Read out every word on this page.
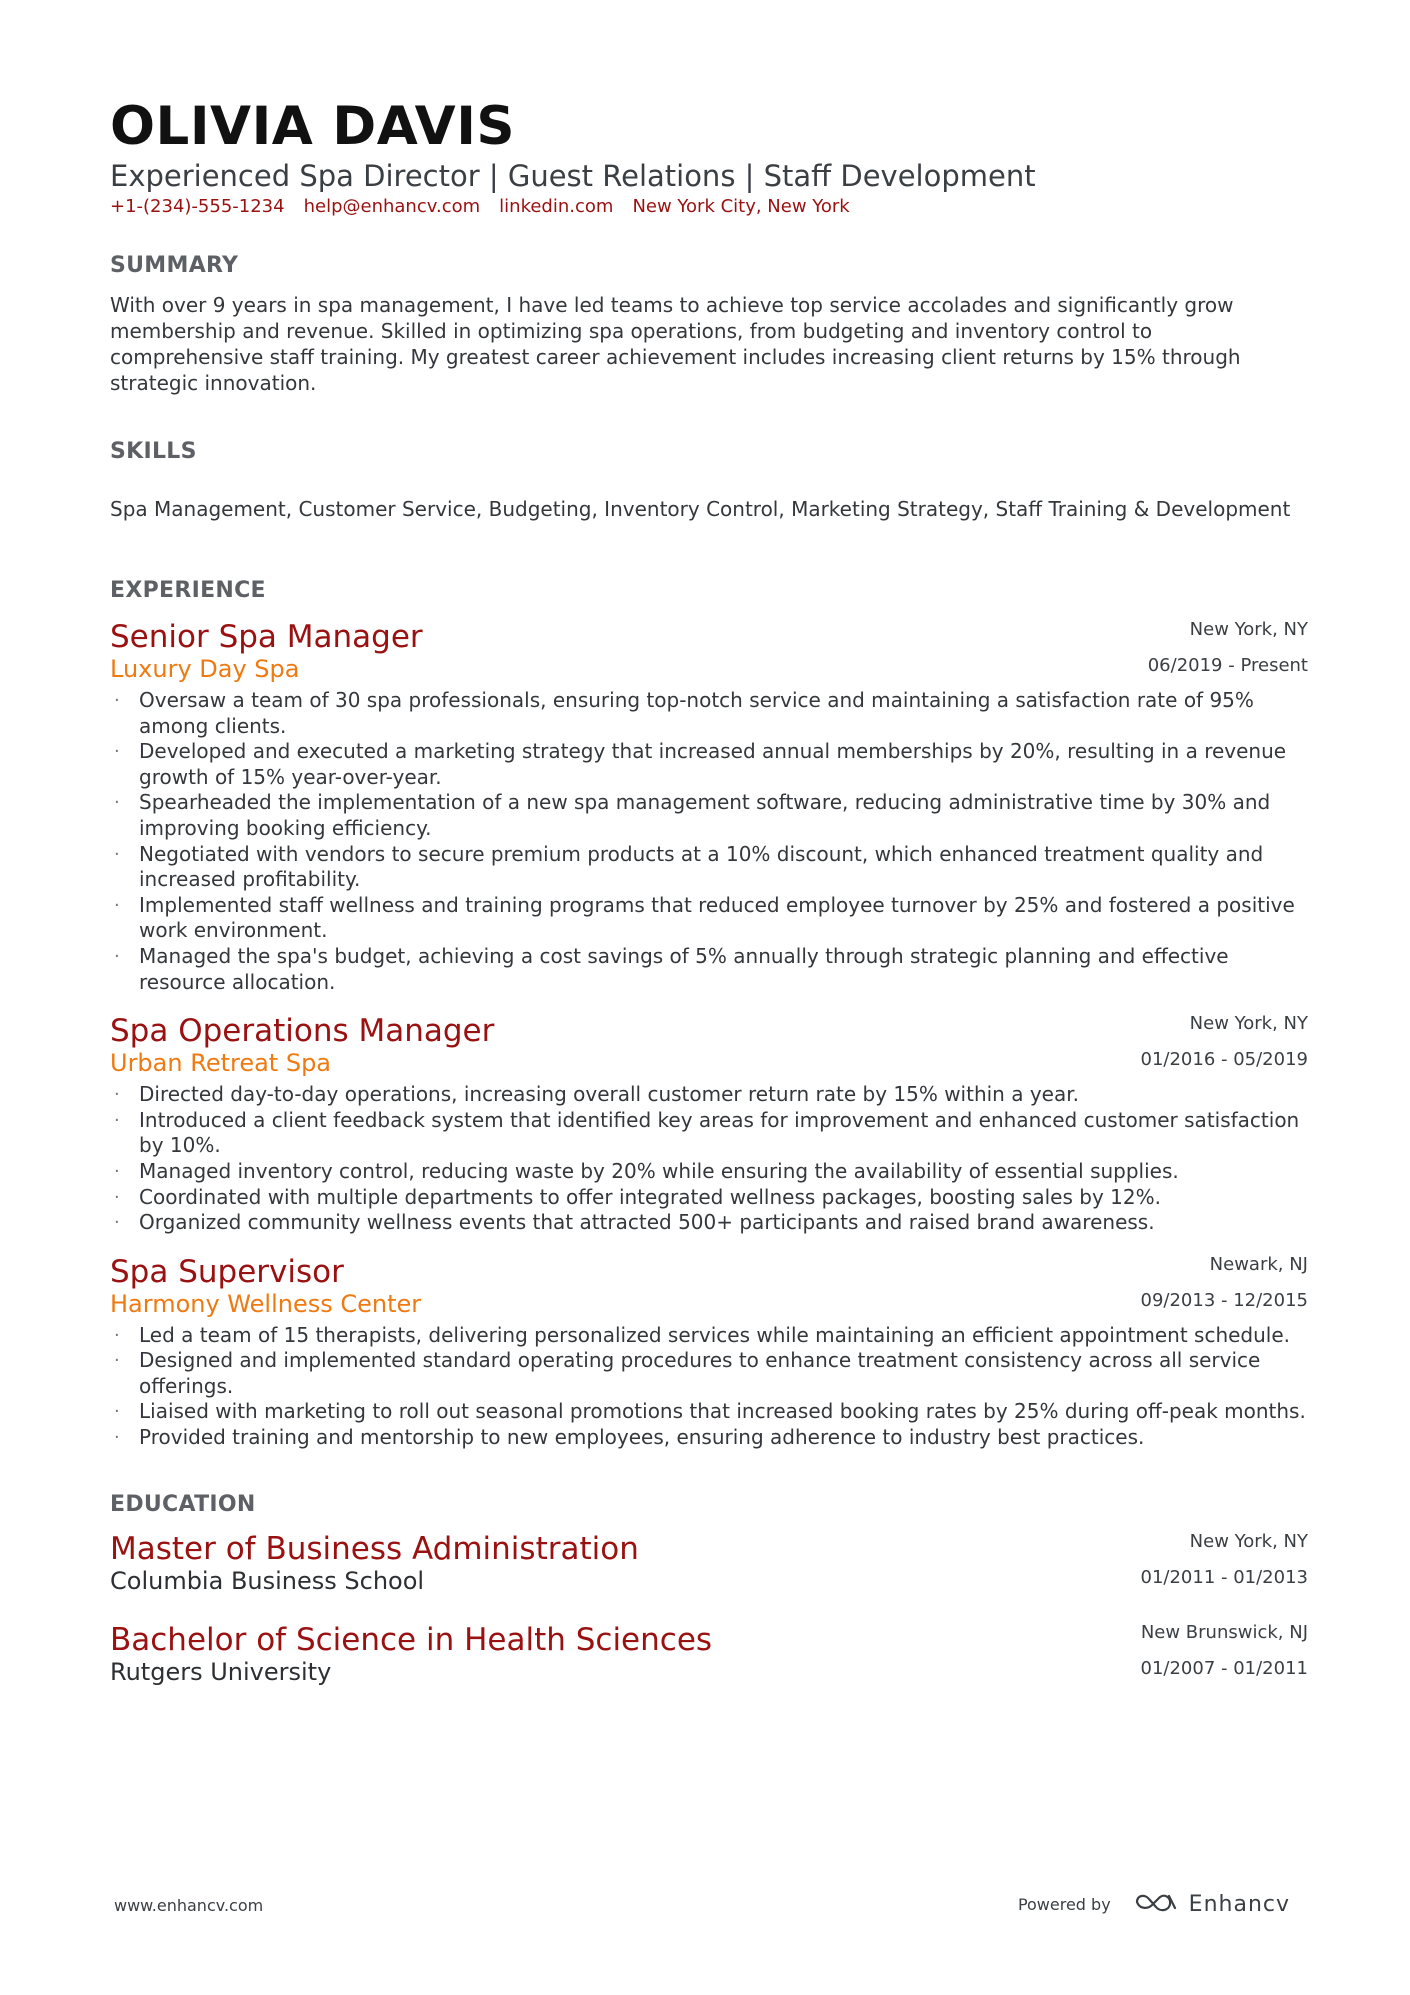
OLIVIA DAVIS
Experienced Spa Director | Guest Relations | Staff Development
+1-(234)-555-1234 help@enhancv.com linkedin.com New York City, New York
SUMMARY
With over 9 years in spa management, I have led teams to achieve top service accolades and significantly grow membership and revenue. Skilled in optimizing spa operations, from budgeting and inventory control to comprehensive staff training. My greatest career achievement includes increasing client returns by 15% through strategic innovation.
SKILLS
Spa Management, Customer Service, Budgeting, Inventory Control, Marketing Strategy, Staff Training & Development
EXPERIENCE
Senior Spa Manager
Luxury Day Spa
New York, NY
06/2019 - Present
· Oversaw a team of 30 spa professionals, ensuring top-notch service and maintaining a satisfaction rate of 95% among clients.
· Developed and executed a marketing strategy that increased annual memberships by 20%, resulting in a revenue growth of 15% year-over-year.
· Spearheaded the implementation of a new spa management software, reducing administrative time by 30% and improving booking efficiency.
· Negotiated with vendors to secure premium products at a 10% discount, which enhanced treatment quality and increased profitability.
· Implemented staff wellness and training programs that reduced employee turnover by 25% and fostered a positive work environment.
· Managed the spa's budget, achieving a cost savings of 5% annually through strategic planning and effective resource allocation.
Spa Operations Manager
Urban Retreat Spa
New York, NY
01/2016 - 05/2019
· Directed day-to-day operations, increasing overall customer return rate by 15% within a year.
· Introduced a client feedback system that identified key areas for improvement and enhanced customer satisfaction by 10%.
· Managed inventory control, reducing waste by 20% while ensuring the availability of essential supplies.
· Coordinated with multiple departments to offer integrated wellness packages, boosting sales by 12%.
· Organized community wellness events that attracted 500+ participants and raised brand awareness.
Spa Supervisor
Harmony Wellness Center
Newark, NJ
09/2013 - 12/2015
· Led a team of 15 therapists, delivering personalized services while maintaining an efficient appointment schedule.
· Designed and implemented standard operating procedures to enhance treatment consistency across all service offerings.
· Liaised with marketing to roll out seasonal promotions that increased booking rates by 25% during off-peak months.
· Provided training and mentorship to new employees, ensuring adherence to industry best practices.
EDUCATION
Master of Business Administration
Columbia Business School
New York, NY
01/2011 - 01/2013
Bachelor of Science in Health Sciences
Rutgers University
New Brunswick, NJ
01/2007 - 01/2011
www.enhancv.com	Powered by	Enhancv
